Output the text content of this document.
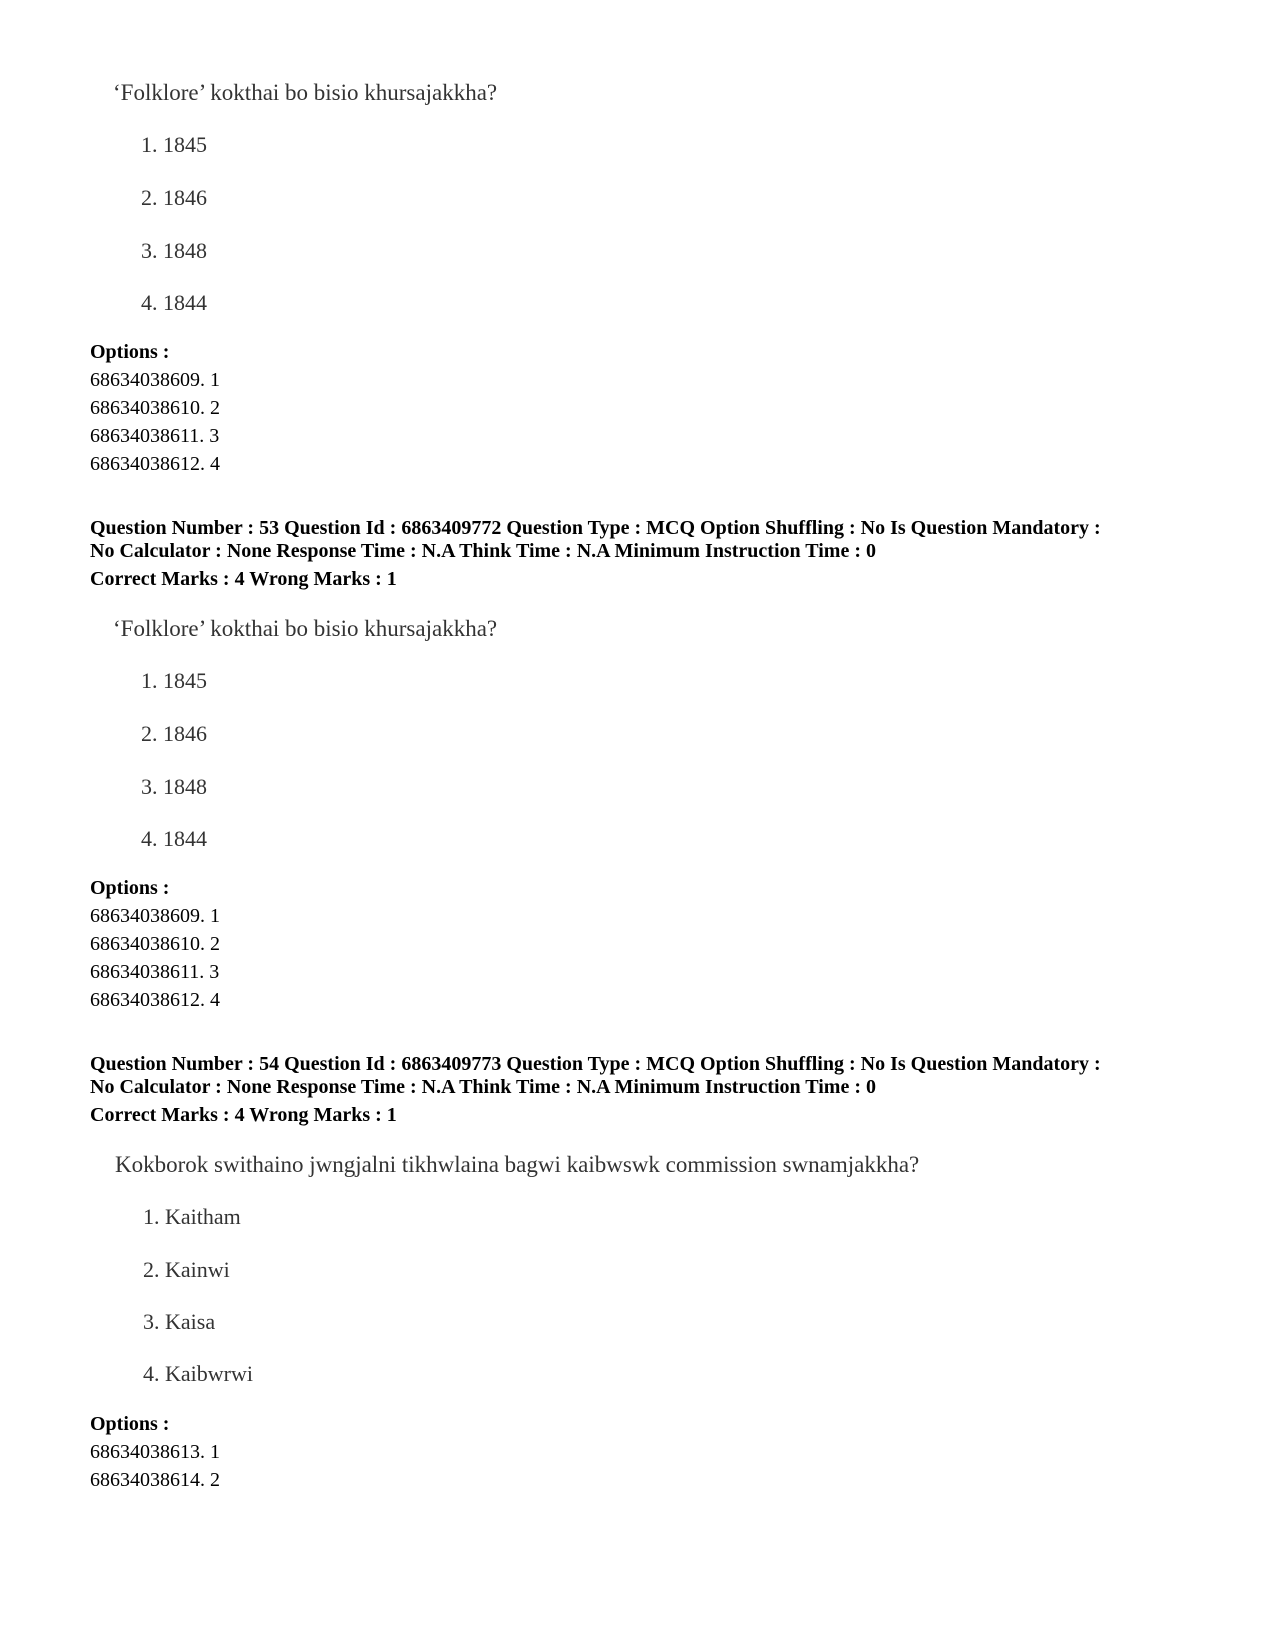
‘Folklore’ kokthai bo bisio khursajakkha?
1. 1845
2. 1846
3. 1848
4. 1844
Options :
68634038609. 1
68634038610. 2
68634038611. 3
68634038612. 4
Question Number : 53 Question Id : 6863409772 Question Type : MCQ Option Shuffling : No Is Question Mandatory :
No Calculator : None Response Time : N.A Think Time : N.A Minimum Instruction Time : 0
Correct Marks : 4 Wrong Marks : 1
‘Folklore’ kokthai bo bisio khursajakkha?
1. 1845
2. 1846
3. 1848
4. 1844
Options :
68634038609. 1
68634038610. 2
68634038611. 3
68634038612. 4
Question Number : 54 Question Id : 6863409773 Question Type : MCQ Option Shuffling : No Is Question Mandatory :
No Calculator : None Response Time : N.A Think Time : N.A Minimum Instruction Time : 0
Correct Marks : 4 Wrong Marks : 1
Kokborok swithaino jwngjalni tikhwlaina bagwi kaibwswk commission swnamjakkha?
1. Kaitham
2. Kainwi
3. Kaisa
4. Kaibwrwi
Options :
68634038613. 1
68634038614. 2
